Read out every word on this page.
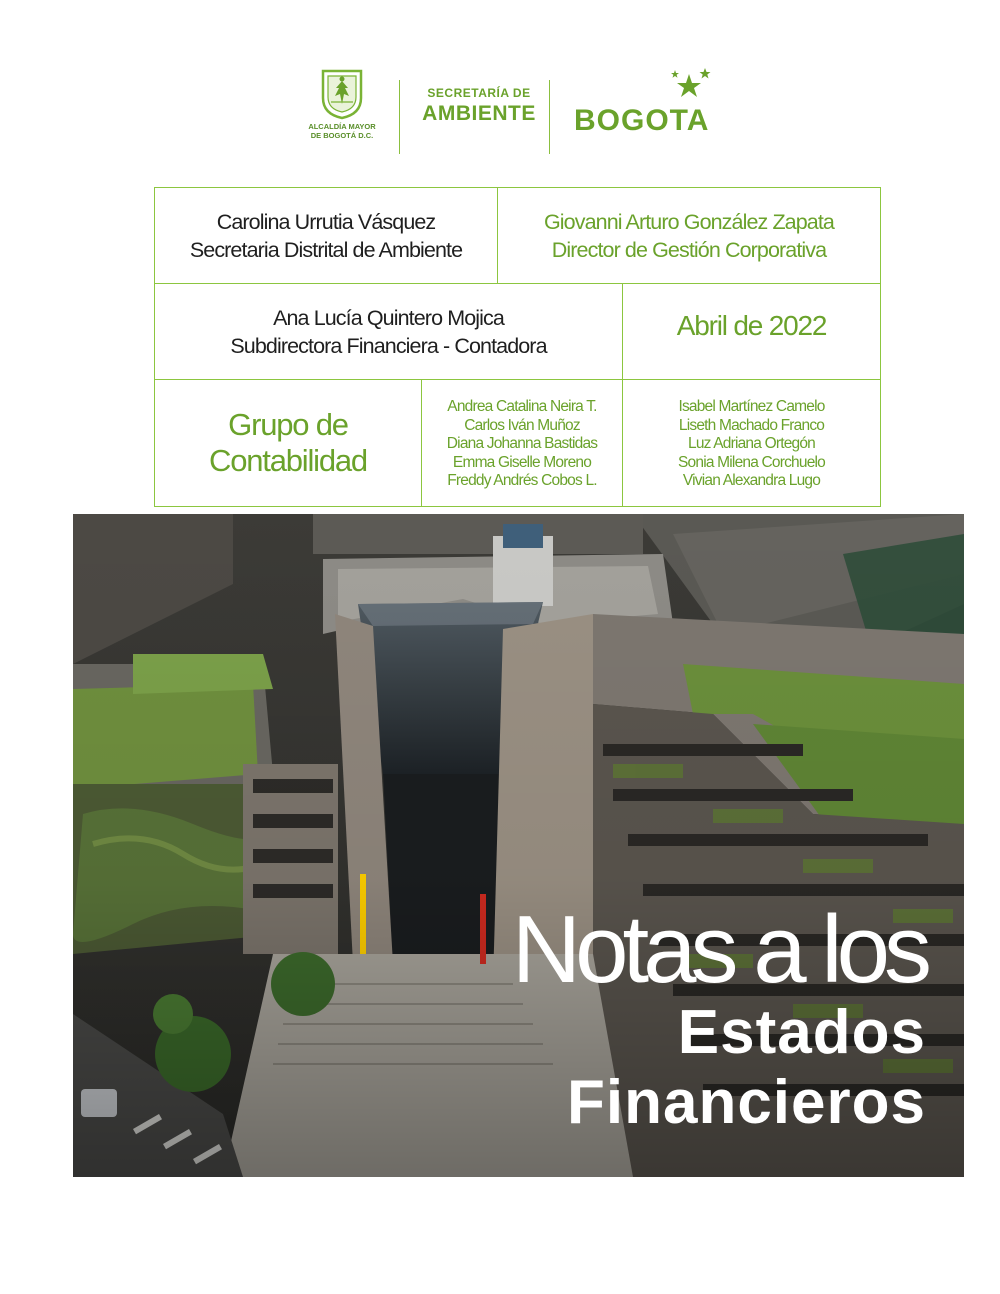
ALCALDÍA MAYOR
DE BOGOTÁ D.C.
SECRETARÍA DE
AMBIENTE BOGOTA
Carolina Urrutia Vásquez
Secretaria Distrital de Ambiente
Giovanni Arturo González Zapata
Director de Gestión Corporativa
Ana Lucía Quintero Mojica
Subdirectora Financiera - Contadora
Abril de 2022
Grupo de
Contabilidad
Andrea Catalina Neira T.
Carlos Iván Muñoz
Diana Johanna Bastidas
Emma Giselle Moreno
Freddy Andrés Cobos L.
Isabel Martínez Camelo
Liseth Machado Franco
Luz Adriana Ortegón
Sonia Milena Corchuelo
Vivian Alexandra Lugo
Notas a los
Estados
Financieros
